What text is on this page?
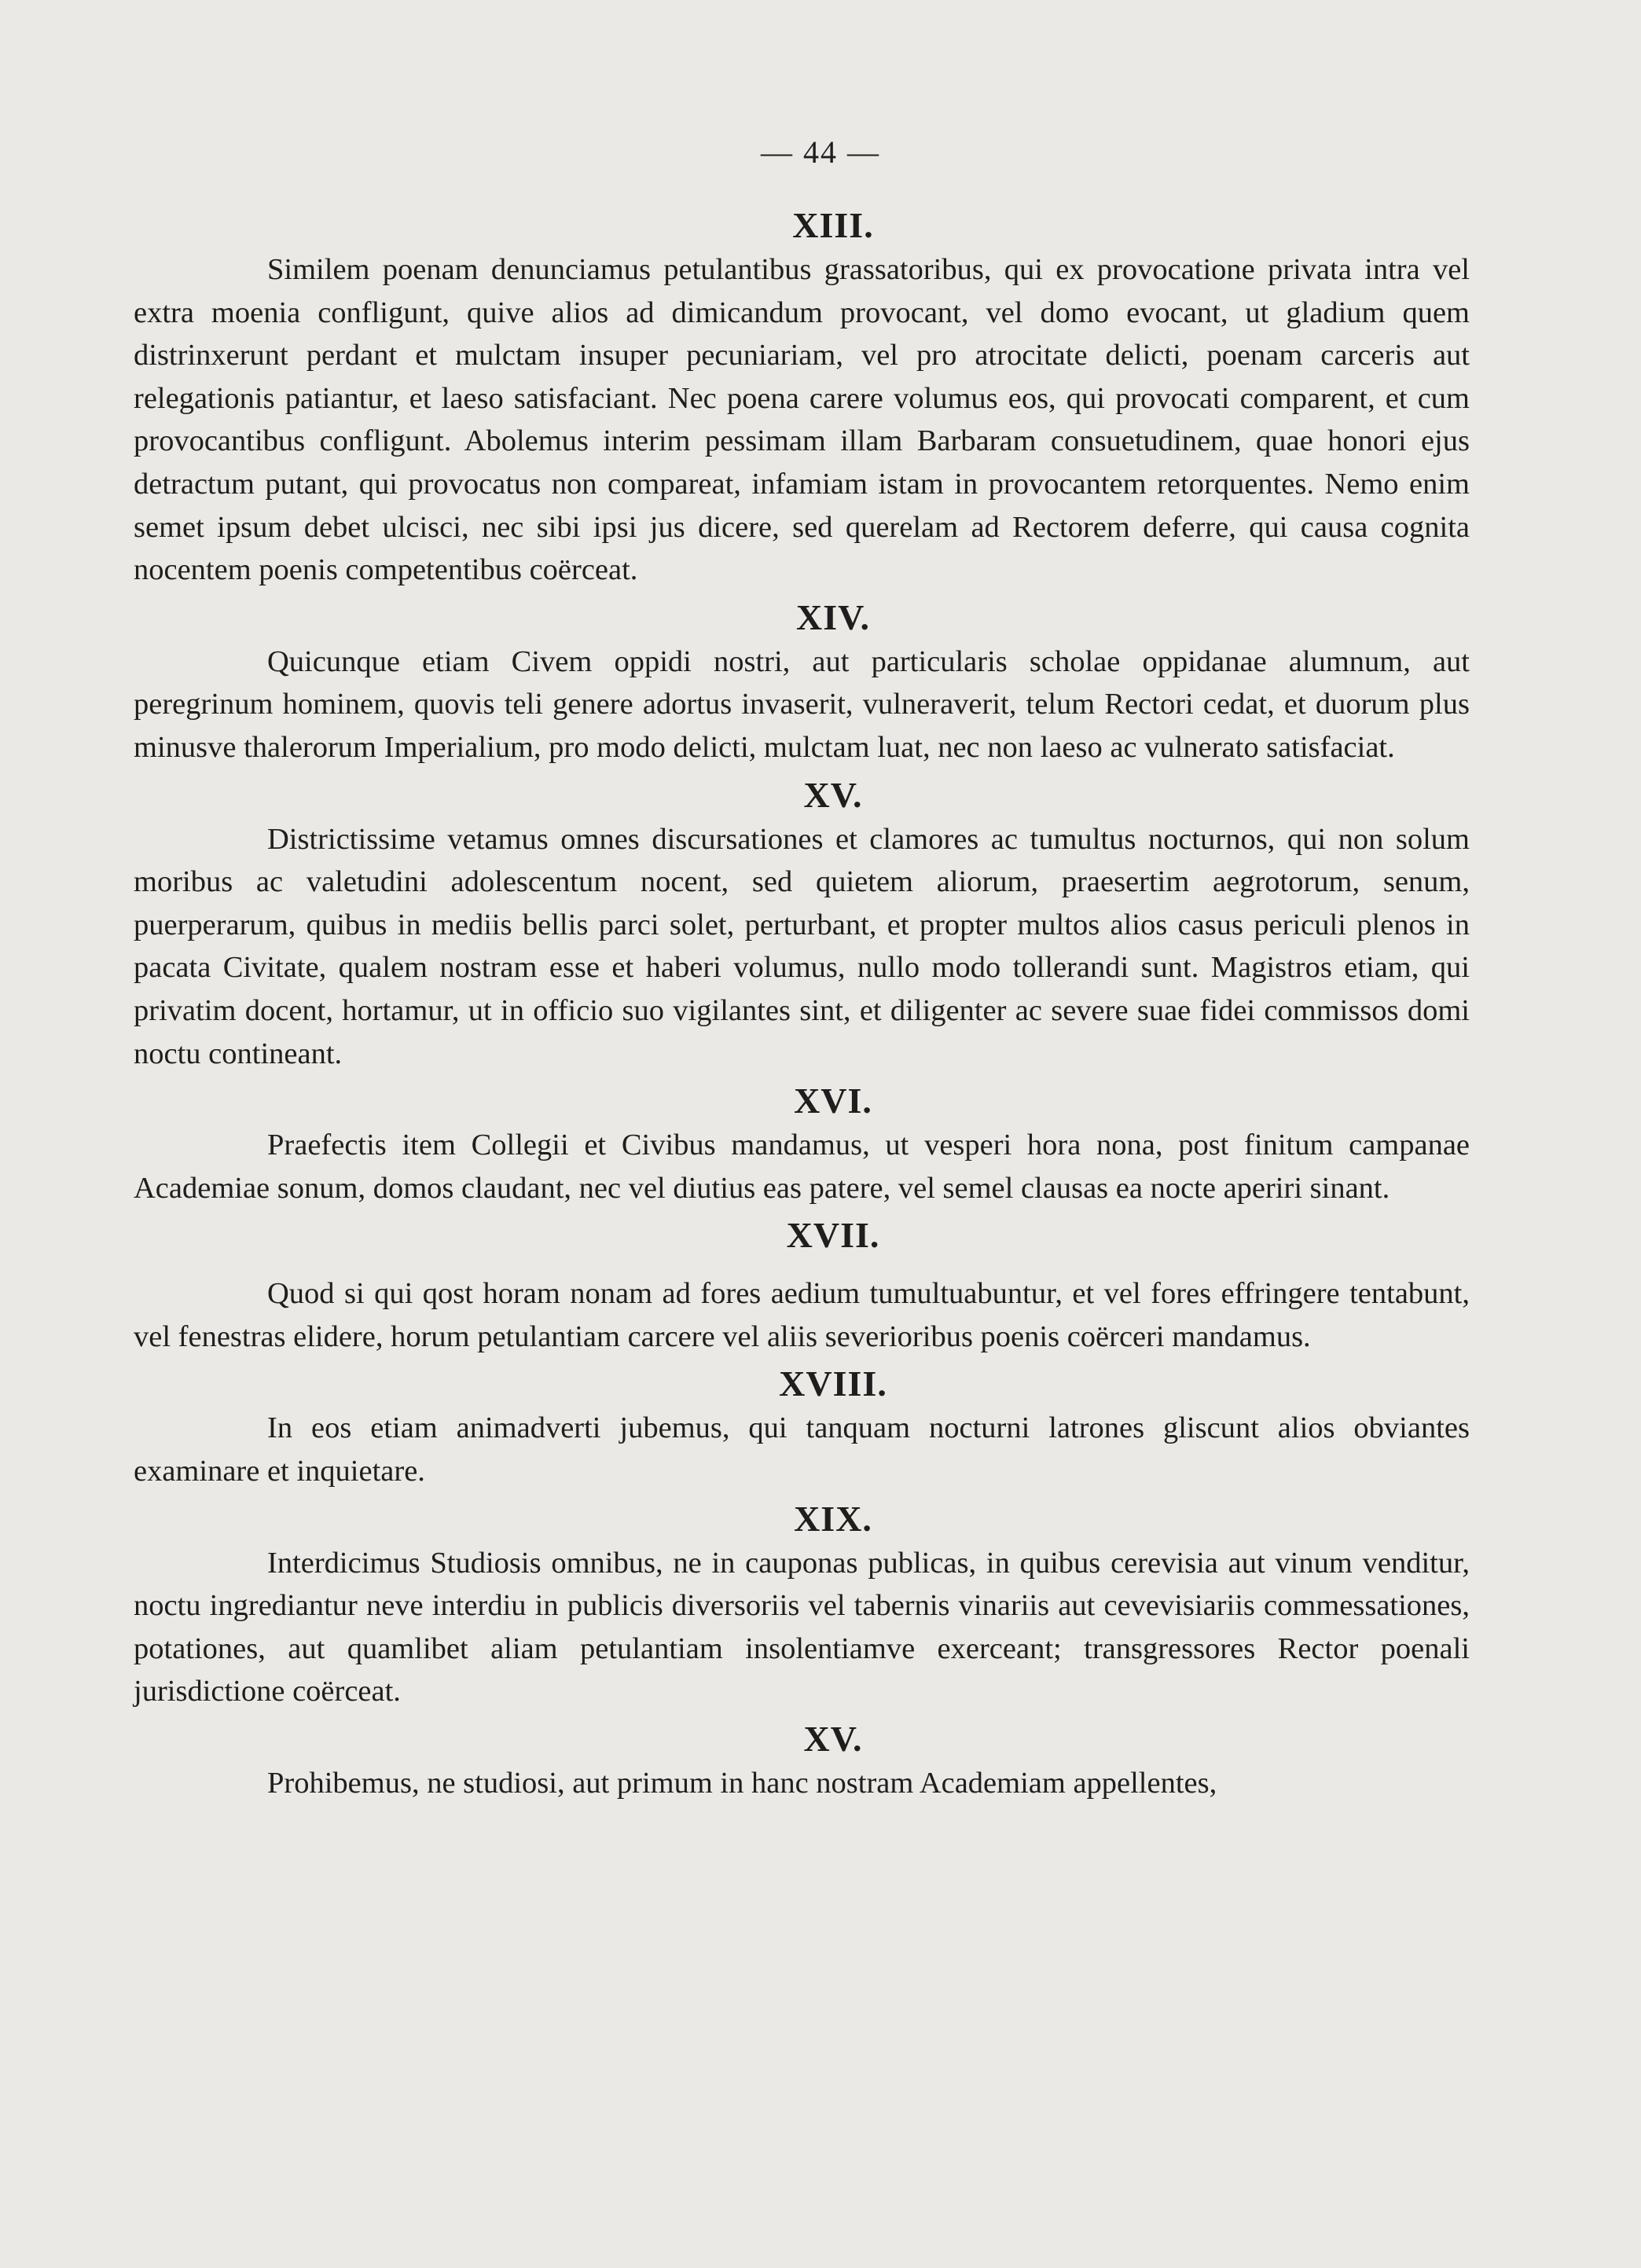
— 44 —
XIII.

Similem poenam denunciamus petulantibus grassatoribus, qui ex provocatione privata intra vel extra moenia confligunt, quive alios ad dimicandum provocant, vel domo evocant, ut gladium quem distrinxerunt perdant et mulctam insuper pecuniariam, vel pro atrocitate delicti, poenam carceris aut relegationis patiantur, et laeso satisfaciant. Nec poena carere volumus eos, qui provocati comparent, et cum provocantibus confligunt. Abolemus interim pessimam illam Barbaram consuetudinem, quae honori ejus detractum putant, qui provocatus non compareat, infamiam istam in provocantem retorquentes. Nemo enim semet ipsum debet ulcisci, nec sibi ipsi jus dicere, sed querelam ad Rectorem deferre, qui causa cognita nocentem poenis competentibus coërceat.

XIV.

Quicunque etiam Civem oppidi nostri, aut particularis scholae oppidanae alumnum, aut peregrinum hominem, quovis teli genere adortus invaserit, vulneraverit, telum Rectori cedat, et duorum plus minusve thalerorum Imperialium, pro modo delicti, mulctam luat, nec non laeso ac vulnerato satisfaciat.

XV.

Districtissime vetamus omnes discursationes et clamores ac tumultus nocturnos, qui non solum moribus ac valetudini adolescentum nocent, sed quietem aliorum, praesertim aegrotorum, senum, puerperarum, quibus in mediis bellis parci solet, perturbant, et propter multos alios casus periculi plenos in pacata Civitate, qualem nostram esse et haberi volumus, nullo modo tollerandi sunt. Magistros etiam, qui privatim docent, hortamur, ut in officio suo vigilantes sint, et diligenter ac severe suae fidei commissos domi noctu contineant.

XVI.

Praefectis item Collegii et Civibus mandamus, ut vesperi hora nona, post finitum campanae Academiae sonum, domos claudant, nec vel diutius eas patere, vel semel clausas ea nocte aperiri sinant.

XVII.

Quod si qui qost horam nonam ad fores aedium tumultuabuntur, et vel fores effringere tentabunt, vel fenestras elidere, horum petulantiam carcere vel aliis severioribus poenis coërceri mandamus.

XVIII.

In eos etiam animadverti jubemus, qui tanquam nocturni latrones gliscunt alios obviantes examinare et inquietare.

XIX.

Interdicimus Studiosis omnibus, ne in cauponas publicas, in quibus cerevisia aut vinum venditur, noctu ingrediantur neve interdiu in publicis diversoriis vel tabernis vinariis aut cevevisiariis commessationes, potationes, aut quamlibet aliam petulantiam insolentiamve exerceant; transgressores Rector poenali jurisdictione coërceat.

XV.

Prohibemus, ne studiosi, aut primum in hanc nostram Academiam appellentes,
